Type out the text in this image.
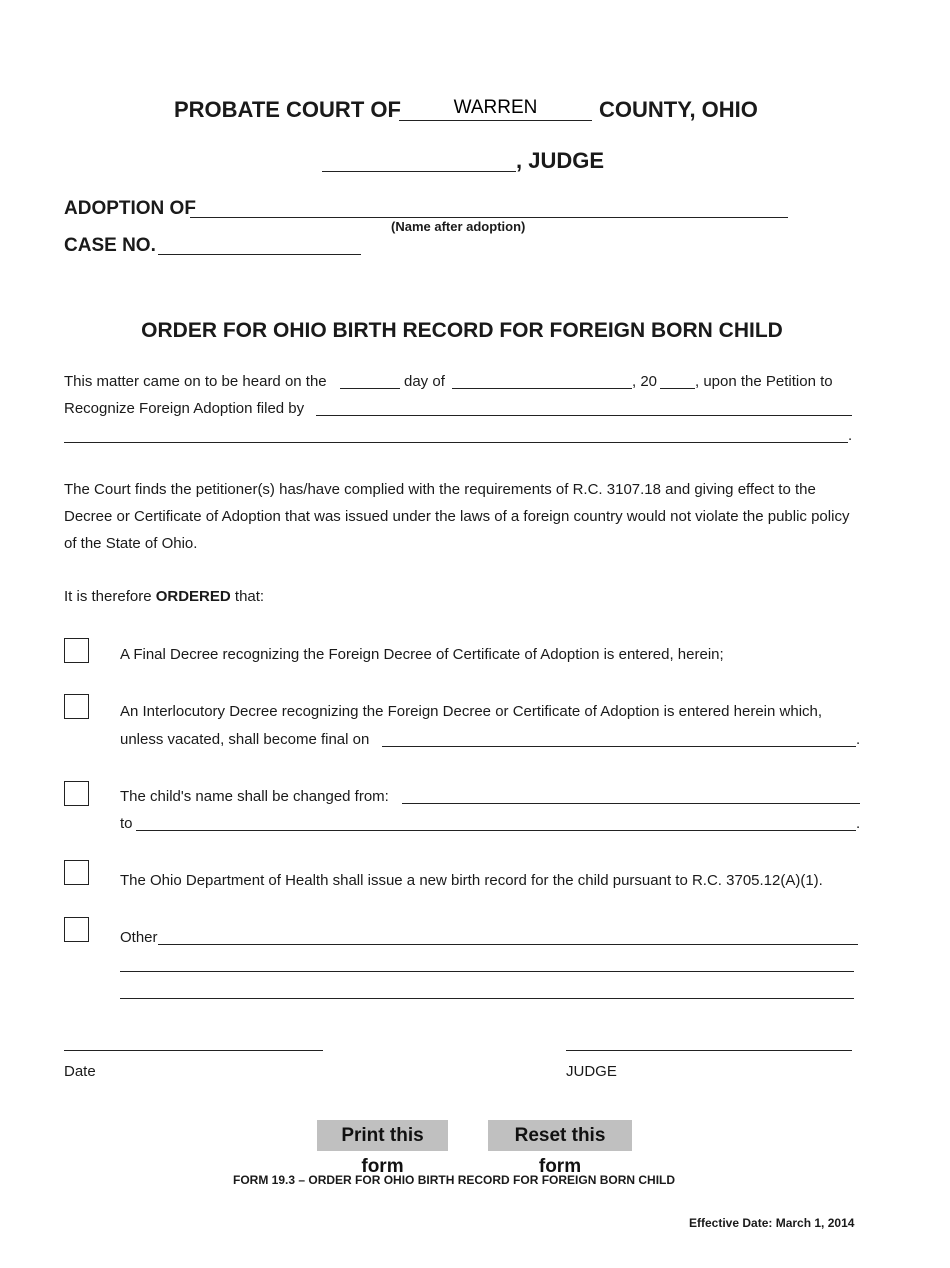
PROBATE COURT OF
WARREN	COUNTY, OHIO
, JUDGE
ADOPTION OF
(Name after adoption)
CASE NO.
ORDER FOR OHIO BIRTH RECORD FOR FOREIGN BORN CHILD
This matter came on to be heard on the	day of	, 20	, upon the Petition to
Recognize Foreign Adoption filed by
.
The Court finds the petitioner(s) has/have complied with the requirements of R.C. 3107.18 and giving effect to the
Decree or Certificate of Adoption that was issued under the laws of a foreign country would not violate the public policy
of the State of Ohio.
It is therefore ORDERED that:
A Final Decree recognizing the Foreign Decree of Certificate of Adoption is entered, herein;
An Interlocutory Decree recognizing the Foreign Decree or Certificate of Adoption is entered herein which,
unless vacated, shall become final on	.
The child's name shall be changed from:
to	.
The Ohio Department of Health shall issue a new birth record for the child pursuant to R.C. 3705.12(A)(1).
Other
Date	JUDGE
Print this form
Reset this form
FORM 19.3 – ORDER FOR OHIO BIRTH RECORD FOR FOREIGN BORN CHILD
Effective Date: March 1, 2014
